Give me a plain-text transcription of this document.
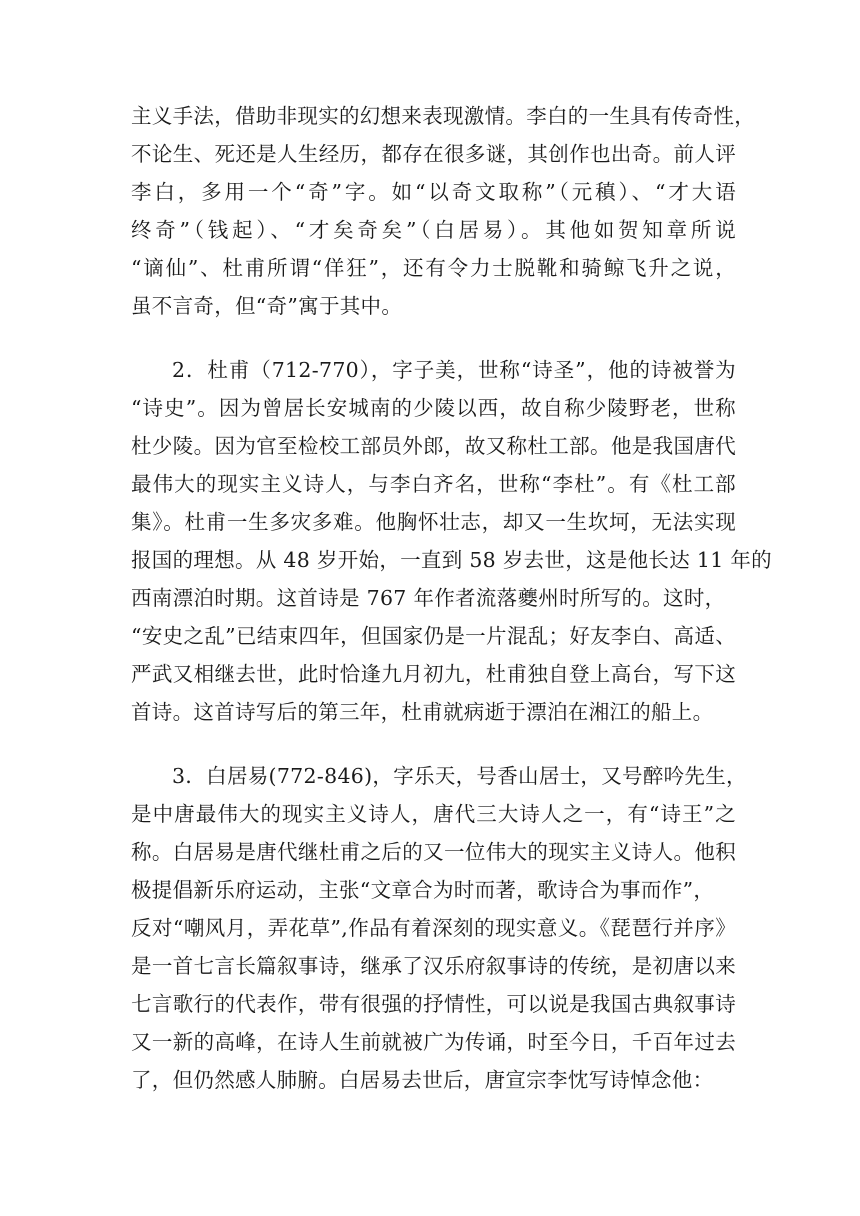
主义手法，借助非现实的幻想来表现激情。李白的一生具有传奇性，
不论生、死还是人生经历，都存在很多谜，其创作也出奇。前人评
李白，多用一个“奇”字。如“以奇文取称”（元稹）、“才大语
终奇”（钱起）、“才矣奇矣”（白居易）。其他如贺知章所说
“谪仙”、杜甫所谓“佯狂”，还有令力士脱靴和骑鲸飞升之说，
虽不言奇，但“奇”寓于其中。
2．杜甫（712-770），字子美，世称“诗圣”，他的诗被誉为
“诗史”。因为曾居长安城南的少陵以西，故自称少陵野老，世称
杜少陵。因为官至检校工部员外郎，故又称杜工部。他是我国唐代
最伟大的现实主义诗人，与李白齐名，世称“李杜”。有《杜工部
集》。杜甫一生多灾多难。他胸怀壮志，却又一生坎坷，无法实现
报国的理想。从 48 岁开始，一直到 58 岁去世，这是他长达 11 年的
西南漂泊时期。这首诗是 767 年作者流落夔州时所写的。这时，
“安史之乱”已结束四年，但国家仍是一片混乱；好友李白、高适、
严武又相继去世，此时恰逢九月初九，杜甫独自登上高台，写下这
首诗。这首诗写后的第三年，杜甫就病逝于漂泊在湘江的船上。
3．白居易(772-846)，字乐天，号香山居士，又号醉吟先生，
是中唐最伟大的现实主义诗人，唐代三大诗人之一，有“诗王”之
称。白居易是唐代继杜甫之后的又一位伟大的现实主义诗人。他积
极提倡新乐府运动，主张“文章合为时而著，歌诗合为事而作”，
反对“嘲风月，弄花草”,作品有着深刻的现实意义。《琵琶行并序》
是一首七言长篇叙事诗，继承了汉乐府叙事诗的传统，是初唐以来
七言歌行的代表作，带有很强的抒情性，可以说是我国古典叙事诗
又一新的高峰，在诗人生前就被广为传诵，时至今日，千百年过去
了，但仍然感人肺腑。白居易去世后，唐宣宗李忱写诗悼念他：
